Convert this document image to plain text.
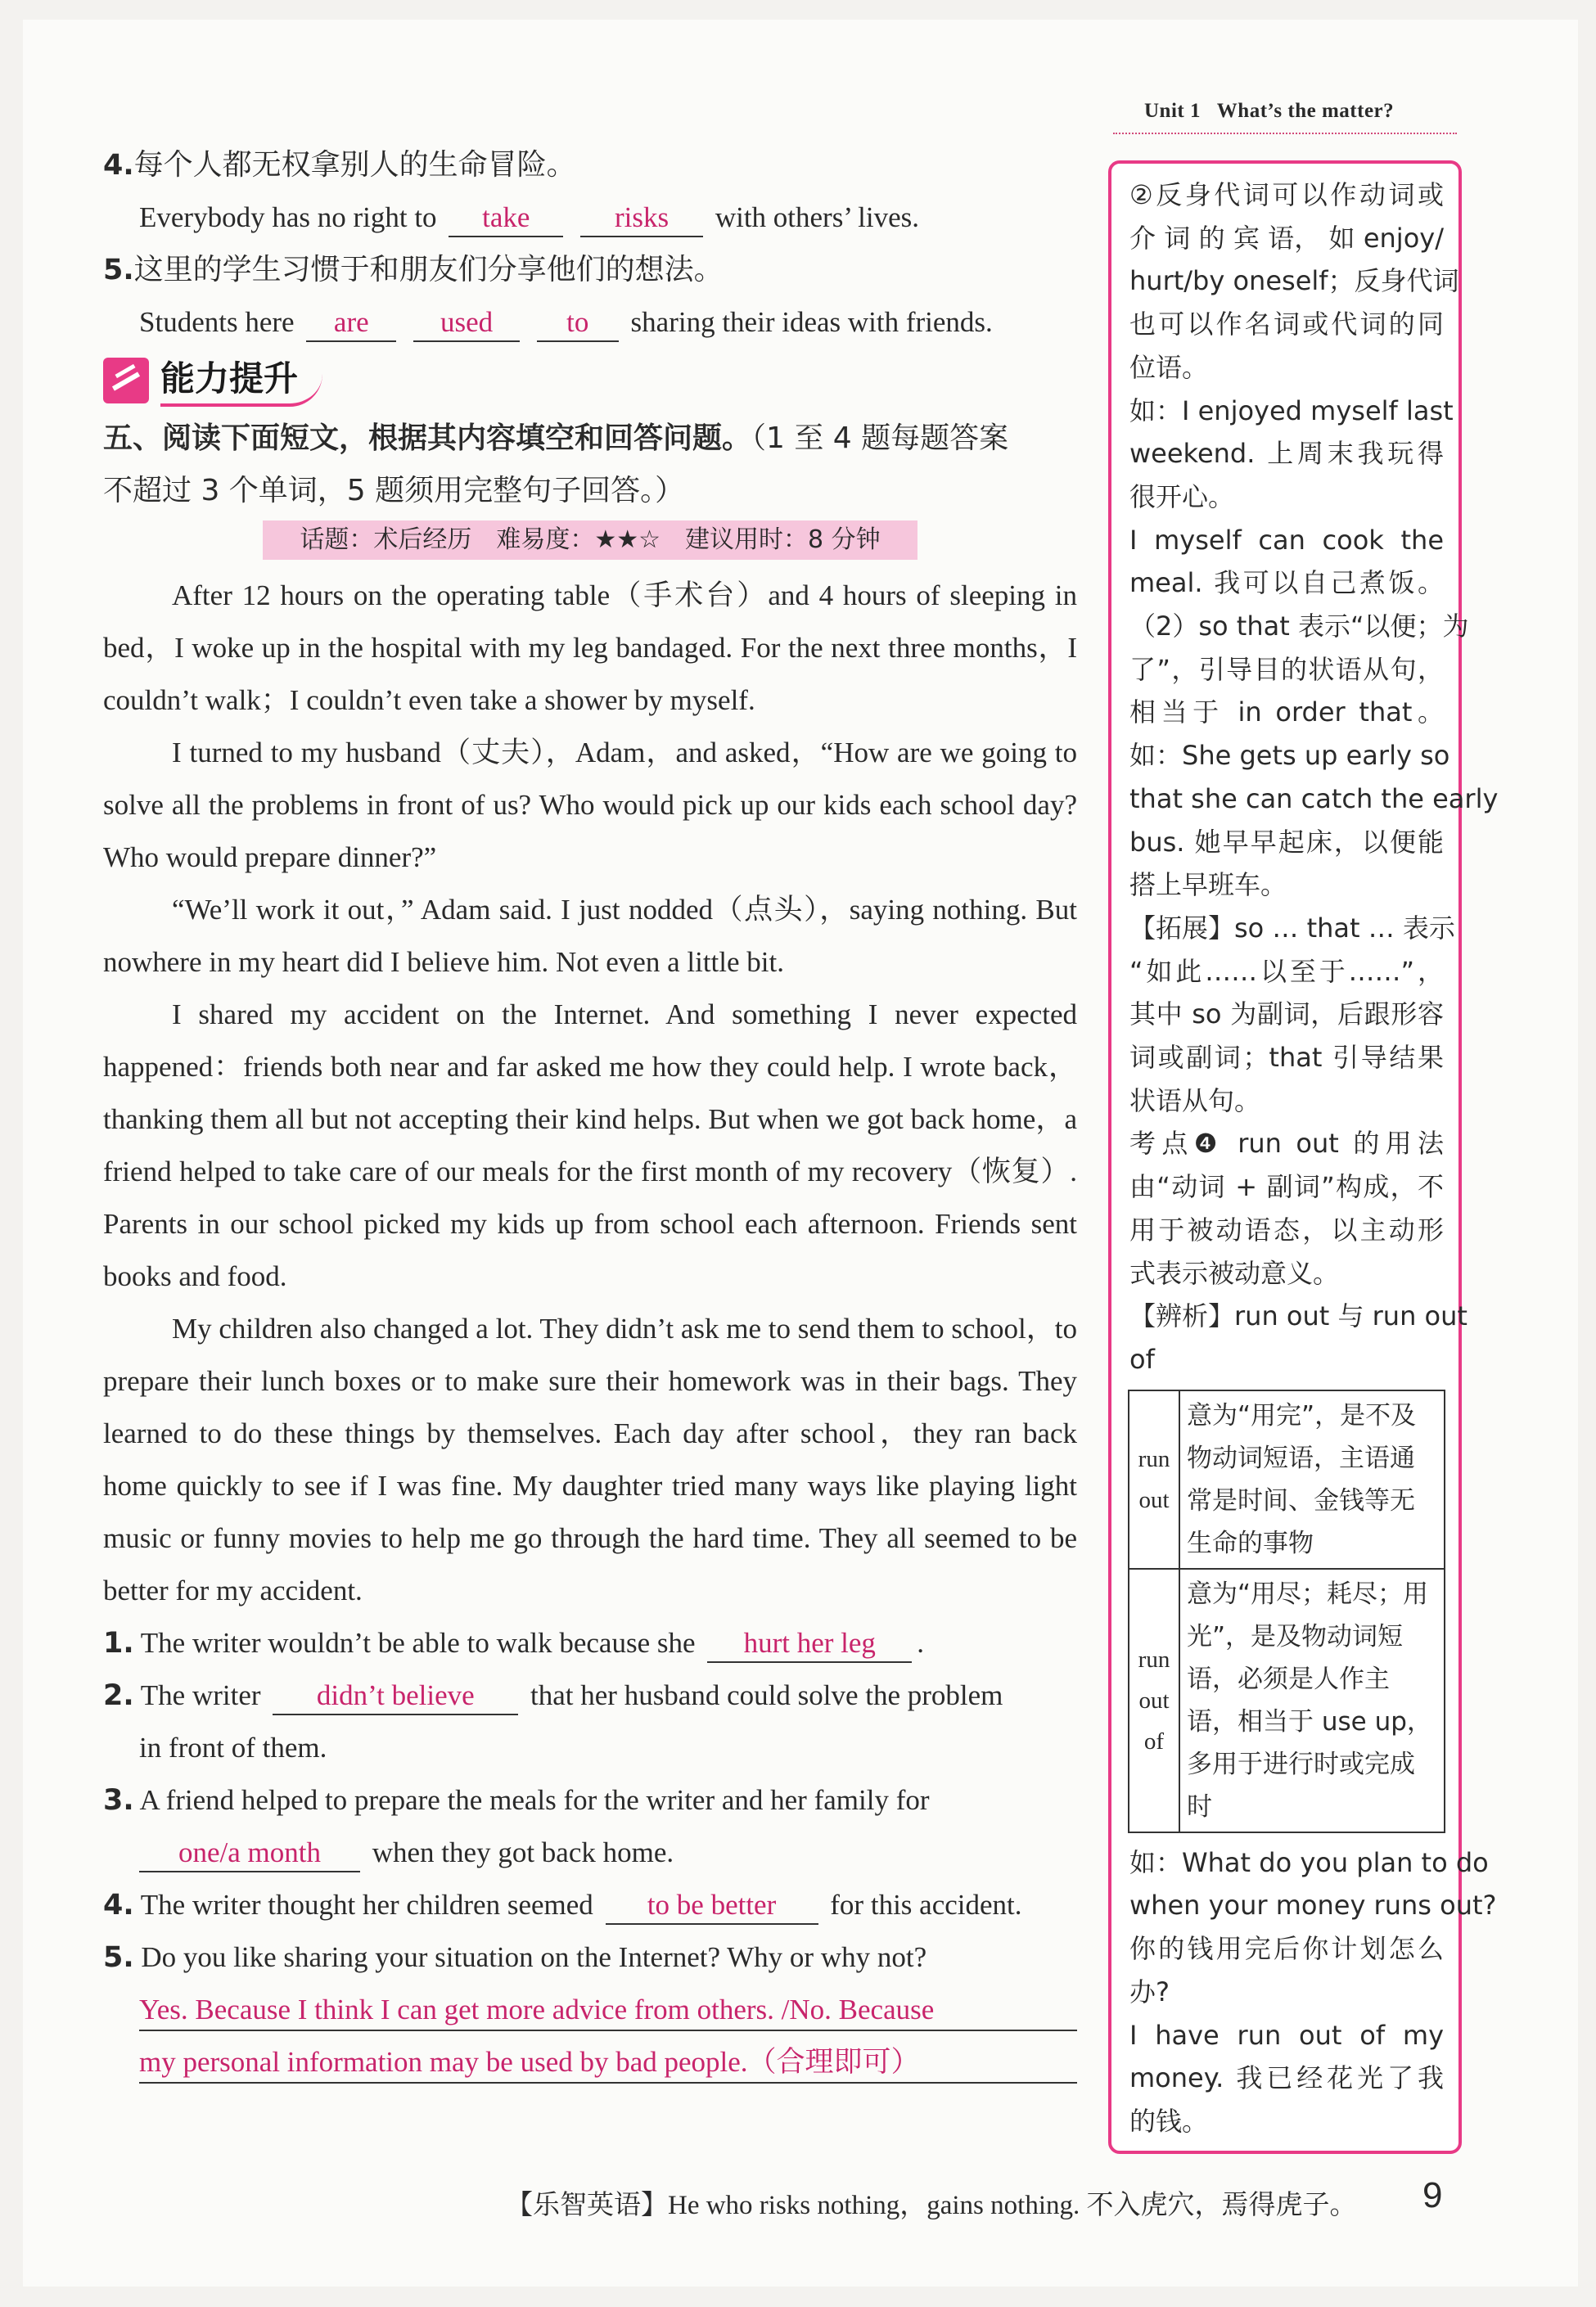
Unit 1 What’s the matter?
4.每个人都无权拿别人的生命冒险。
Everybody has no right to take	risks with others’ lives.
5.这里的学生习惯于和朋友们分享他们的想法。
Students here are used	to sharing their ideas with friends.
能力提升
五、阅读下面短文，根据其内容填空和回答问题。（1 至 4 题每题答案
不超过 3 个单词，5 题须用完整句子回答。）
话题：术后经历　难易度：★★☆　建议用时：8 分钟
After 12 hours on the operating table（手术台）and 4 hours of sleeping in bed，I woke up in the hospital with my leg bandaged. For the next three months，I couldn’t walk；I couldn’t even take a shower by myself.
I turned to my husband（丈夫），Adam，and asked，“How are we going to solve all the problems in front of us? Who would pick up our kids each school day? Who would prepare dinner?”
“We’ll work it out，” Adam said. I just nodded（点头），saying nothing. But nowhere in my heart did I believe him. Not even a little bit.
I shared my accident on the Internet. And something I never expected happened：friends both near and far asked me how they could help. I wrote back，thanking them all but not accepting their kind helps. But when we got back home，a friend helped to take care of our meals for the first month of my recovery（恢复）. Parents in our school picked my kids up from school each afternoon. Friends sent books and food.
My children also changed a lot. They didn’t ask me to send them to school，to prepare their lunch boxes or to make sure their homework was in their bags. They learned to do these things by themselves. Each day after school，they ran back home quickly to see if I was fine. My daughter tried many ways like playing light music or funny movies to help me go through the hard time. They all seemed to be better for my accident.
1. The writer wouldn’t be able to walk because she hurt her leg .
2. The writer didn’t believe that her husband could solve the problem
in front of them.
3. A friend helped to prepare the meals for the writer and her family for
one/a month when they got back home.
4. The writer thought her children seemed to be better for this accident.
5. Do you like sharing your situation on the Internet? Why or why not?
Yes. Because I think I can get more advice from others. /No. Because
my personal information may be used by bad people.（合理即可）
②反身代词可以作动词或
介 词 的 宾 语， 如 enjoy/
hurt/by oneself；反身代词
也可以作名词或代词的同
位语。
如：I enjoyed myself last
weekend. 上周末我玩得
很开心。
I myself can cook the
meal. 我可以自己煮饭。
（2）so that 表示“以便；为
了”，引导目的状语从句，
相当于 in order that。
如：She gets up early so
that she can catch the early
bus. 她早早起床，以便能
搭上早班车。
【拓展】so … that … 表示
“如此……以至于……”，
其中 so 为副词，后跟形容
词或副词；that 引导结果
状语从句。
考点❹ run out 的用法
由“动词 + 副词”构成，不
用于被动语态，以主动形
式表示被动意义。
【辨析】run out 与 run out
of
run out	意为“用完”，是不及物动词短语，主语通常是时间、金钱等无生命的事物
run out of	意为“用尽；耗尽；用光”，是及物动词短语，必须是人作主语，相当于 use up，多用于进行时或完成时
如：What do you plan to do
when your money runs out?
你的钱用完后你计划怎么
办?
I have run out of my
money. 我已经花光了我
的钱。
【乐智英语】He who risks nothing，gains nothing. 不入虎穴，焉得虎子。 9
